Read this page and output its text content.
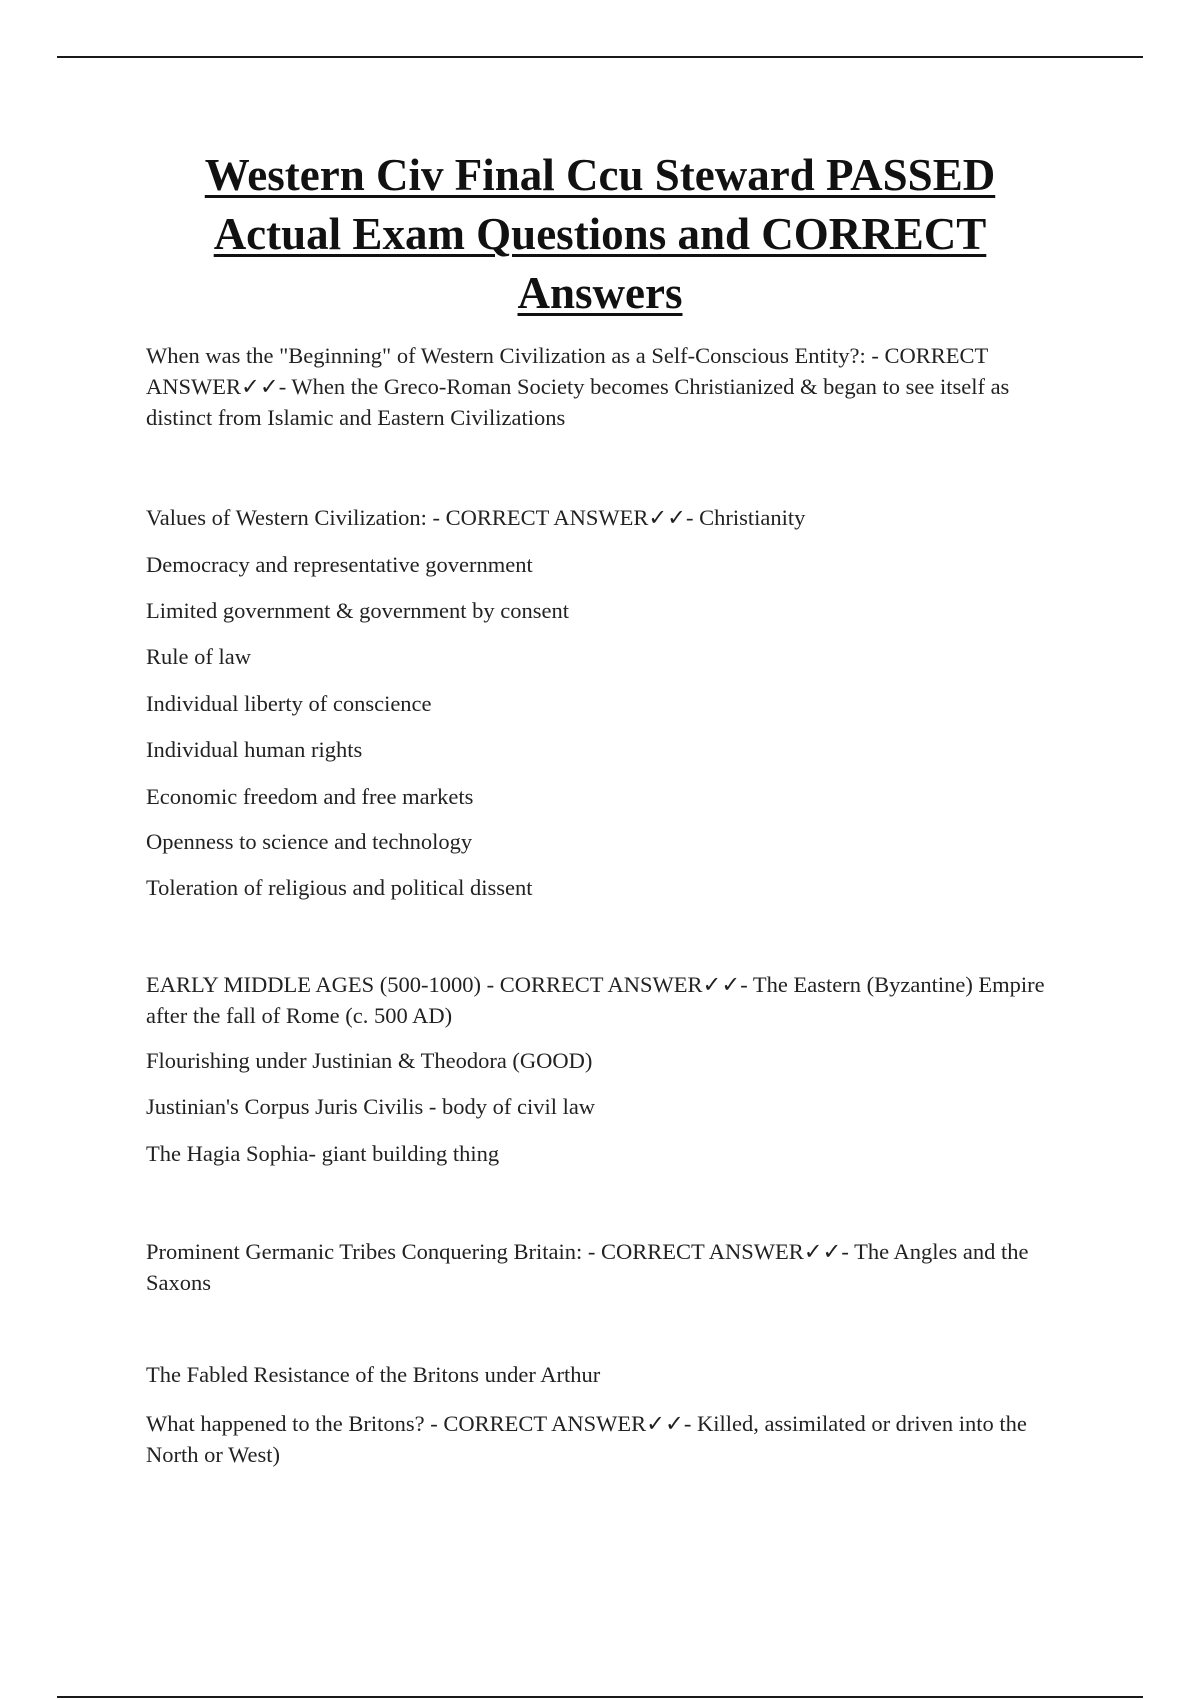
Western Civ Final Ccu Steward PASSED
Actual Exam Questions and CORRECT
Answers

When was the "Beginning" of Western Civilization as a Self-Conscious Entity?: - CORRECT ANSWER✓✓- When the Greco-Roman Society becomes Christianized & began to see itself as distinct from Islamic and Eastern Civilizations

Values of Western Civilization: - CORRECT ANSWER✓✓- Christianity

Democracy and representative government

Limited government & government by consent

Rule of law

Individual liberty of conscience

Individual human rights

Economic freedom and free markets

Openness to science and technology

Toleration of religious and political dissent

EARLY MIDDLE AGES (500-1000) - CORRECT ANSWER✓✓- The Eastern (Byzantine) Empire after the fall of Rome (c. 500 AD)

Flourishing under Justinian & Theodora (GOOD)

Justinian's Corpus Juris Civilis - body of civil law

The Hagia Sophia- giant building thing

Prominent Germanic Tribes Conquering Britain: - CORRECT ANSWER✓✓- The Angles and the Saxons

The Fabled Resistance of the Britons under Arthur

What happened to the Britons? - CORRECT ANSWER✓✓- Killed, assimilated or driven into the North or West)
